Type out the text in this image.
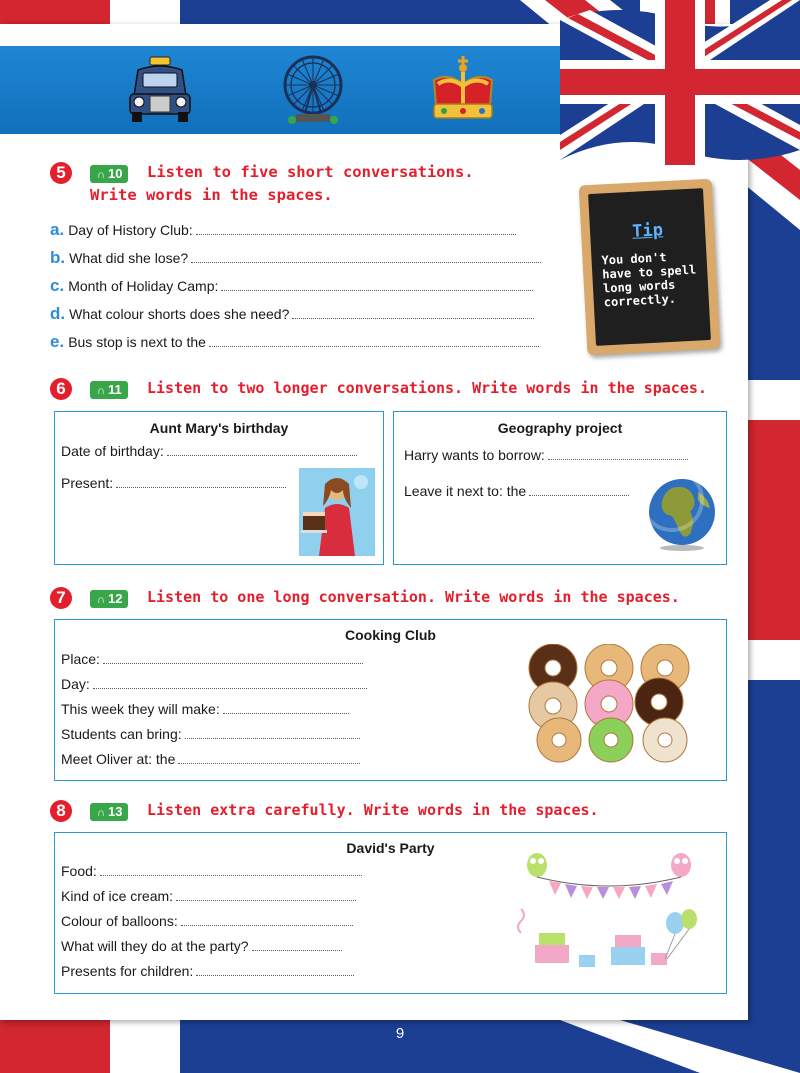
5	∩ 10	Listen to five short conversations.
Write words in the spaces.
a. Day of History Club:
b. What did she lose?
c. Month of Holiday Camp:
d. What colour shorts does she need?
e. Bus stop is next to the
Tip
You don't have to spell long words correctly.
6	∩ 11	Listen to two longer conversations. Write words in the spaces.
Aunt Mary's birthday
Date of birthday:
Present:
Geography project
Harry wants to borrow:
Leave it next to: the
7	∩ 12	Listen to one long conversation. Write words in the spaces.
Cooking Club
Place:
Day:
This week they will make:
Students can bring:
Meet Oliver at: the
8	∩ 13	Listen extra carefully. Write words in the spaces.
David's Party
Food:
Kind of ice cream:
Colour of balloons:
What will they do at the party?
Presents for children:
9
